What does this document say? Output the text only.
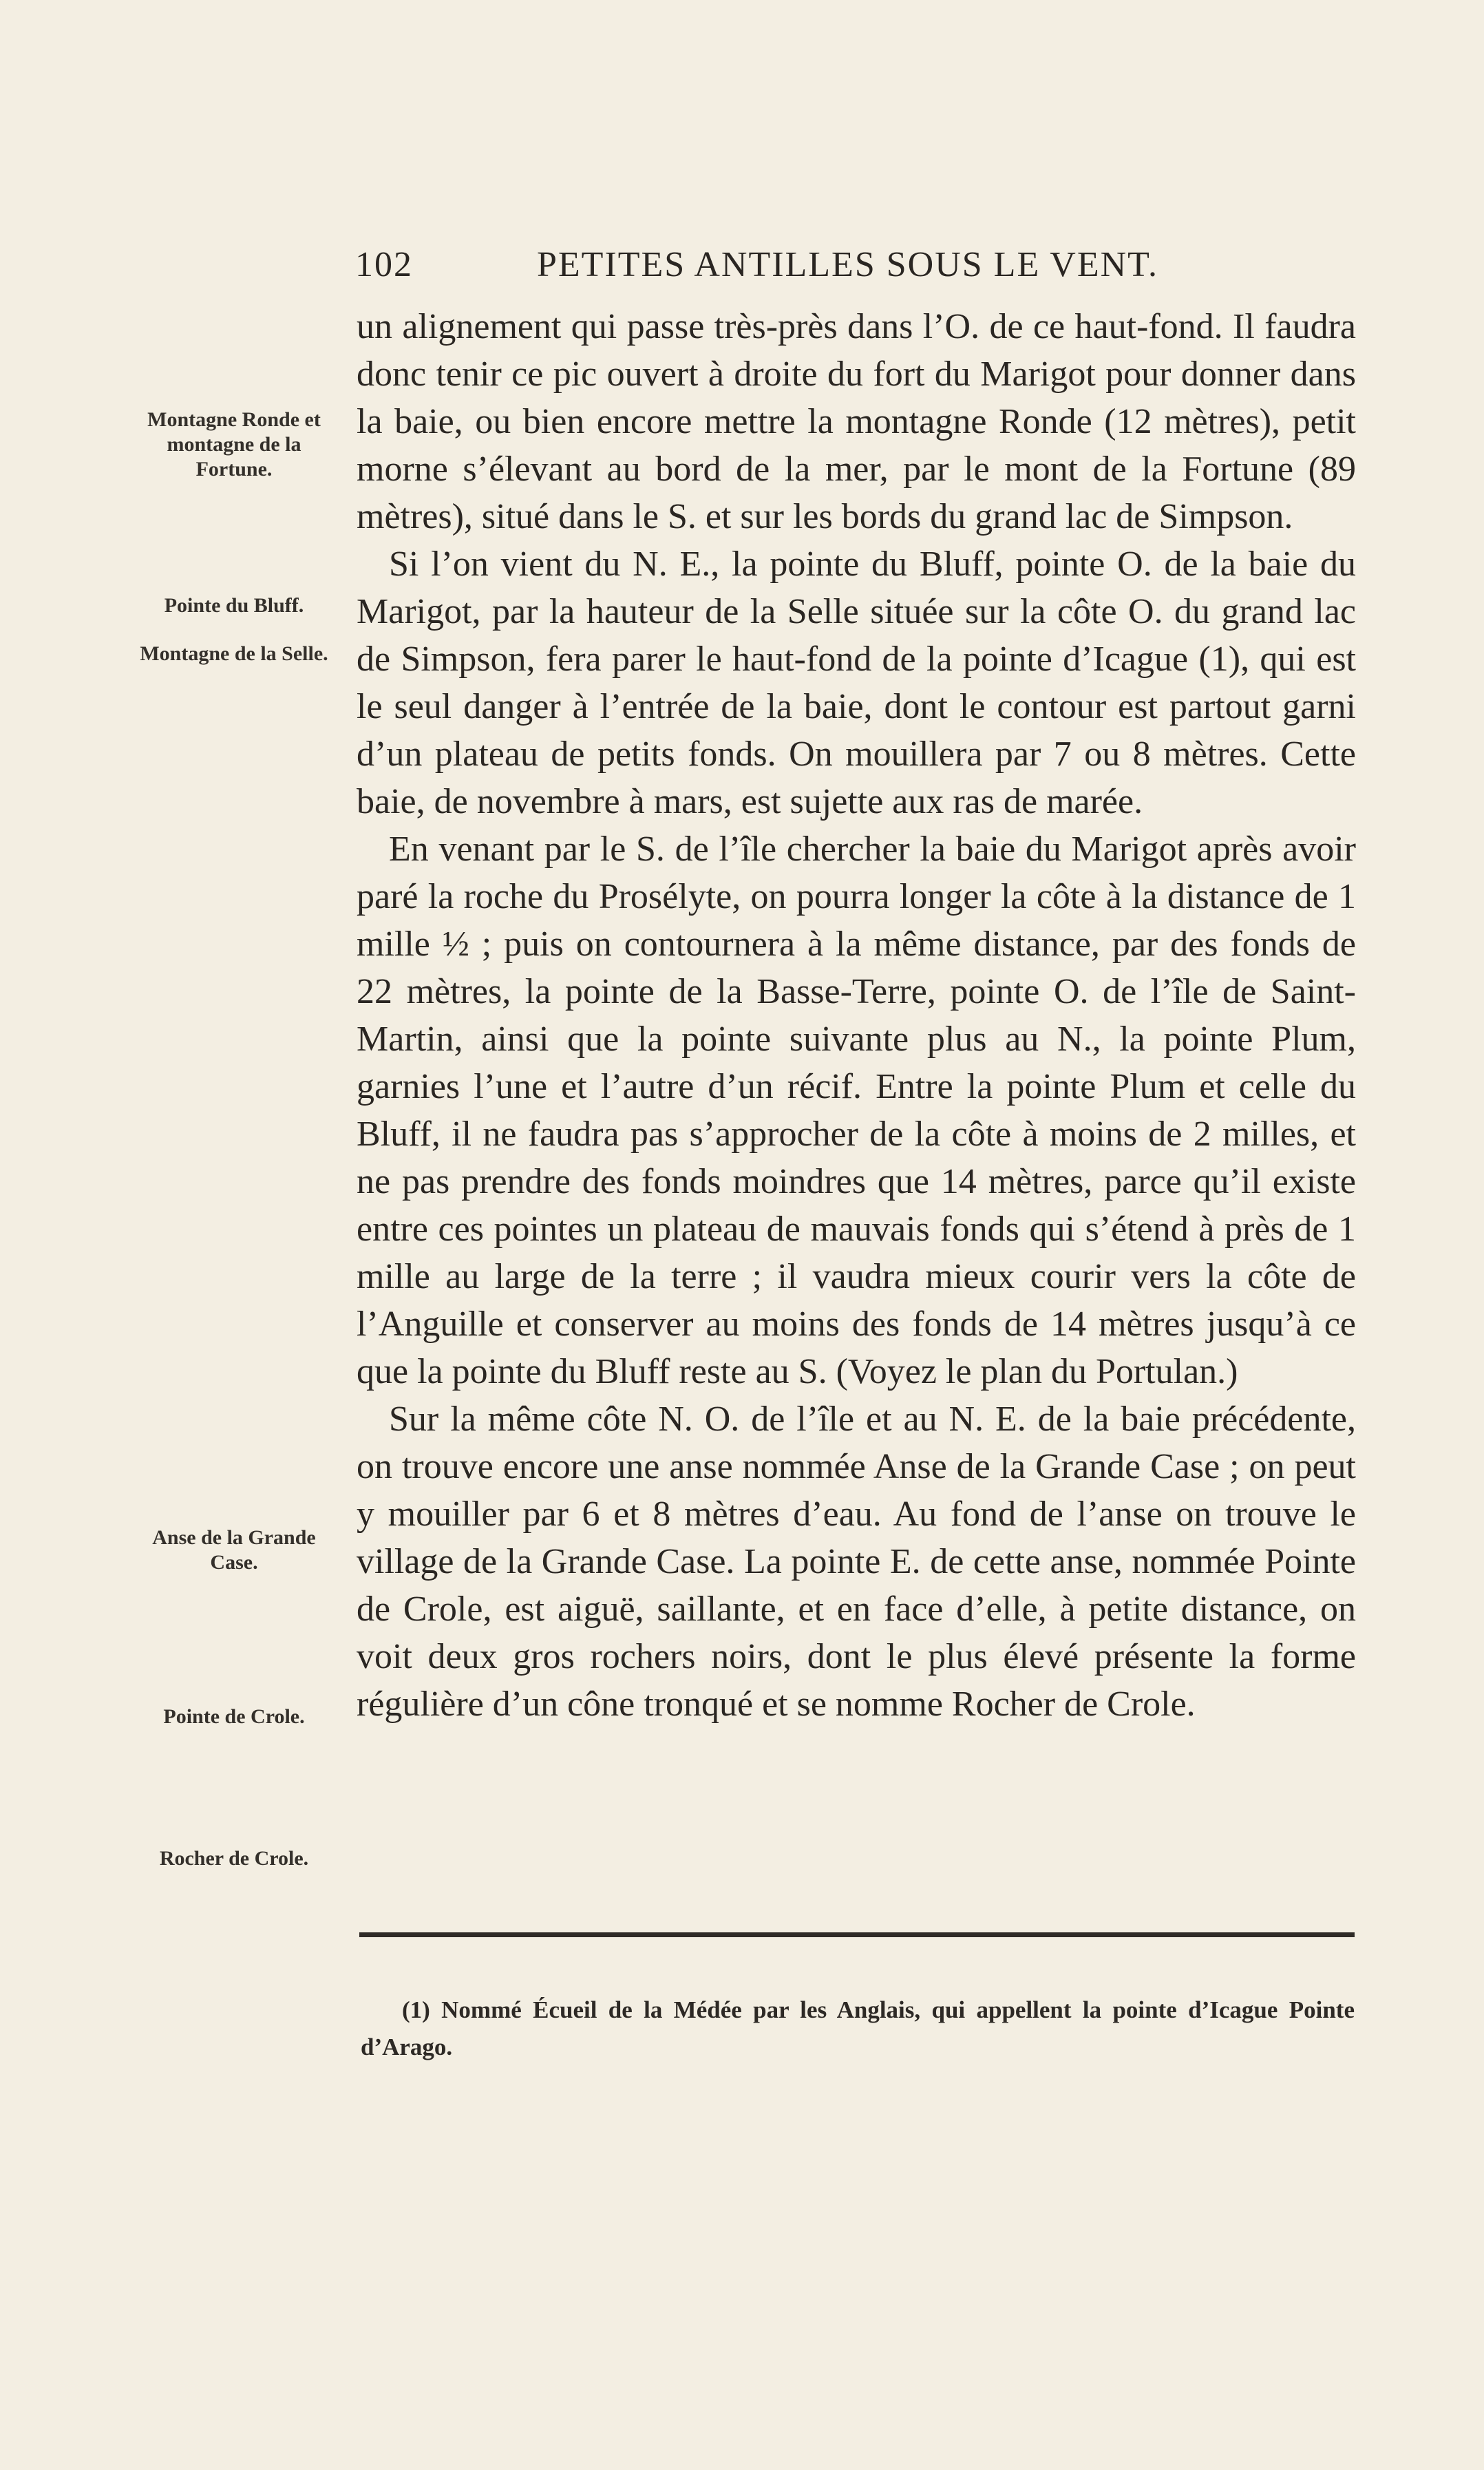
102	PETITES ANTILLES SOUS LE VENT.
Montagne Ronde et montagne de la Fortune.
Pointe du Bluff.
Montagne de la Selle.
Anse de la Grande Case.
Pointe de Crole.
Rocher de Crole.

un alignement qui passe très-près dans l’O. de ce haut-fond. Il faudra donc tenir ce pic ouvert à droite du fort du Marigot pour donner dans la baie, ou bien encore mettre la montagne Ronde (12 mètres), petit morne s’élevant au bord de la mer, par le mont de la Fortune (89 mètres), situé dans le S. et sur les bords du grand lac de Simpson.

Si l’on vient du N. E., la pointe du Bluff, pointe O. de la baie du Marigot, par la hauteur de la Selle située sur la côte O. du grand lac de Simpson, fera parer le haut-fond de la pointe d’Icague (1), qui est le seul danger à l’entrée de la baie, dont le contour est partout garni d’un plateau de petits fonds. On mouillera par 7 ou 8 mètres. Cette baie, de novembre à mars, est sujette aux ras de marée.

En venant par le S. de l’île chercher la baie du Marigot après avoir paré la roche du Prosélyte, on pourra longer la côte à la distance de 1 mille ½ ; puis on contournera à la même distance, par des fonds de 22 mètres, la pointe de la Basse-Terre, pointe O. de l’île de Saint-Martin, ainsi que la pointe suivante plus au N., la pointe Plum, garnies l’une et l’autre d’un récif. Entre la pointe Plum et celle du Bluff, il ne faudra pas s’approcher de la côte à moins de 2 milles, et ne pas prendre des fonds moindres que 14 mètres, parce qu’il existe entre ces pointes un plateau de mauvais fonds qui s’étend à près de 1 mille au large de la terre ; il vaudra mieux courir vers la côte de l’Anguille et conserver au moins des fonds de 14 mètres jusqu’à ce que la pointe du Bluff reste au S. (Voyez le plan du Portulan.)

Sur la même côte N. O. de l’île et au N. E. de la baie précédente, on trouve encore une anse nommée Anse de la Grande Case ; on peut y mouiller par 6 et 8 mètres d’eau. Au fond de l’anse on trouve le village de la Grande Case. La pointe E. de cette anse, nommée Pointe de Crole, est aiguë, saillante, et en face d’elle, à petite distance, on voit deux gros rochers noirs, dont le plus élevé présente la forme régulière d’un cône tronqué et se nomme Rocher de Crole.

(1) Nommé Écueil de la Médée par les Anglais, qui appellent la pointe d’Icague Pointe d’Arago.
